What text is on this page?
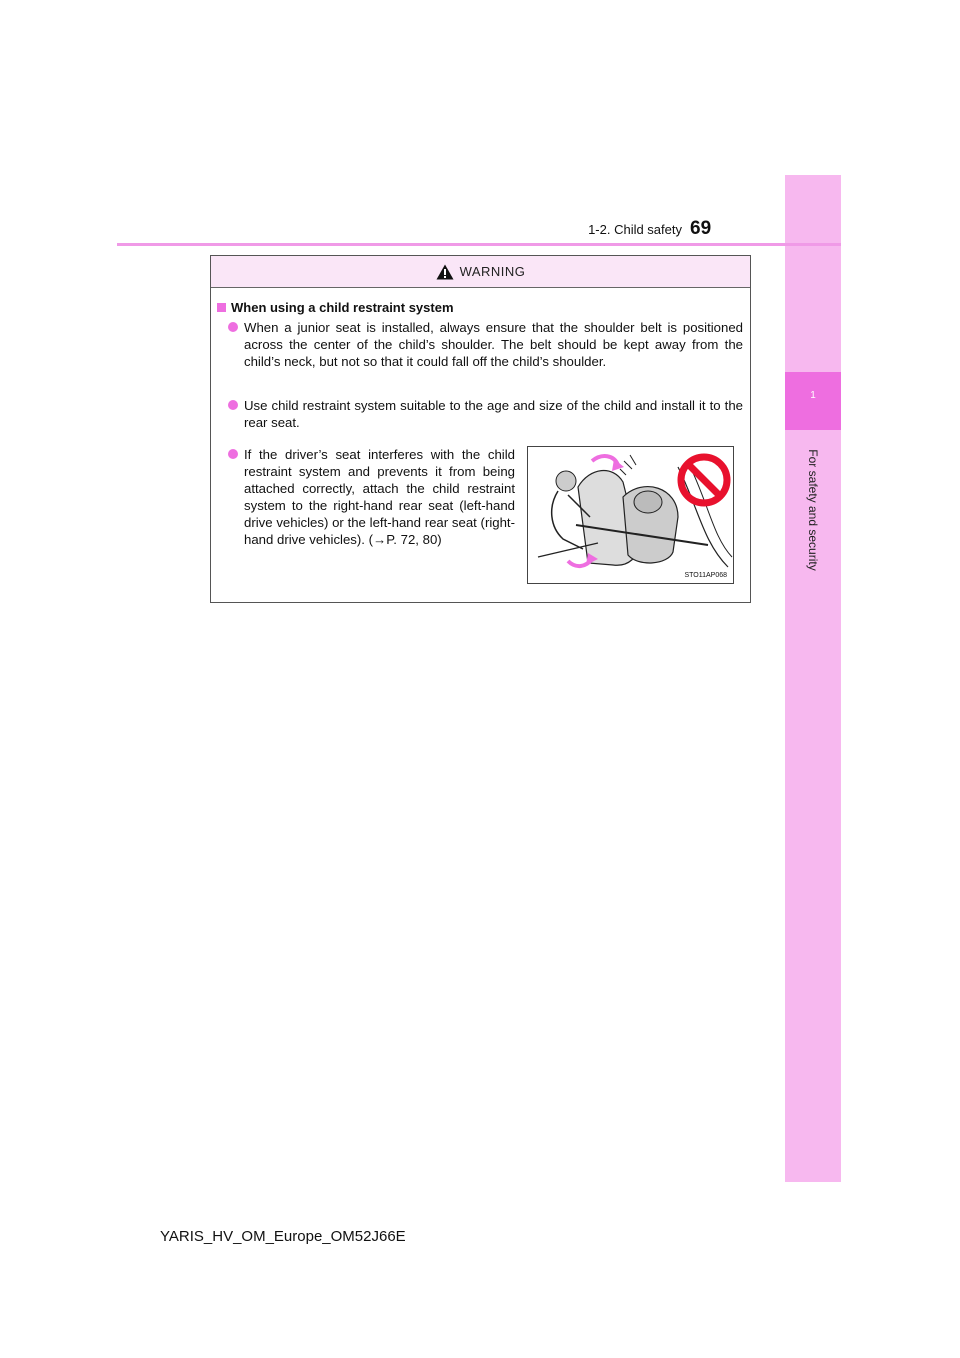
1
For safety and security
1-2. Child safety 69
WARNING
When using a child restraint system
When a junior seat is installed, always ensure that the shoulder belt is positioned across the center of the child’s shoulder. The belt should be kept away from the child’s neck, but not so that it could fall off the child’s shoulder.
Use child restraint system suitable to the age and size of the child and install it to the rear seat.
If the driver’s seat interferes with the child restraint system and prevents it from being attached correctly, attach the child restraint system to the right-hand rear seat (left-hand drive vehicles) or the left-hand rear seat (right-hand drive vehicles). (→P. 72, 80)
STO11AP068
YARIS_HV_OM_Europe_OM52J66E
